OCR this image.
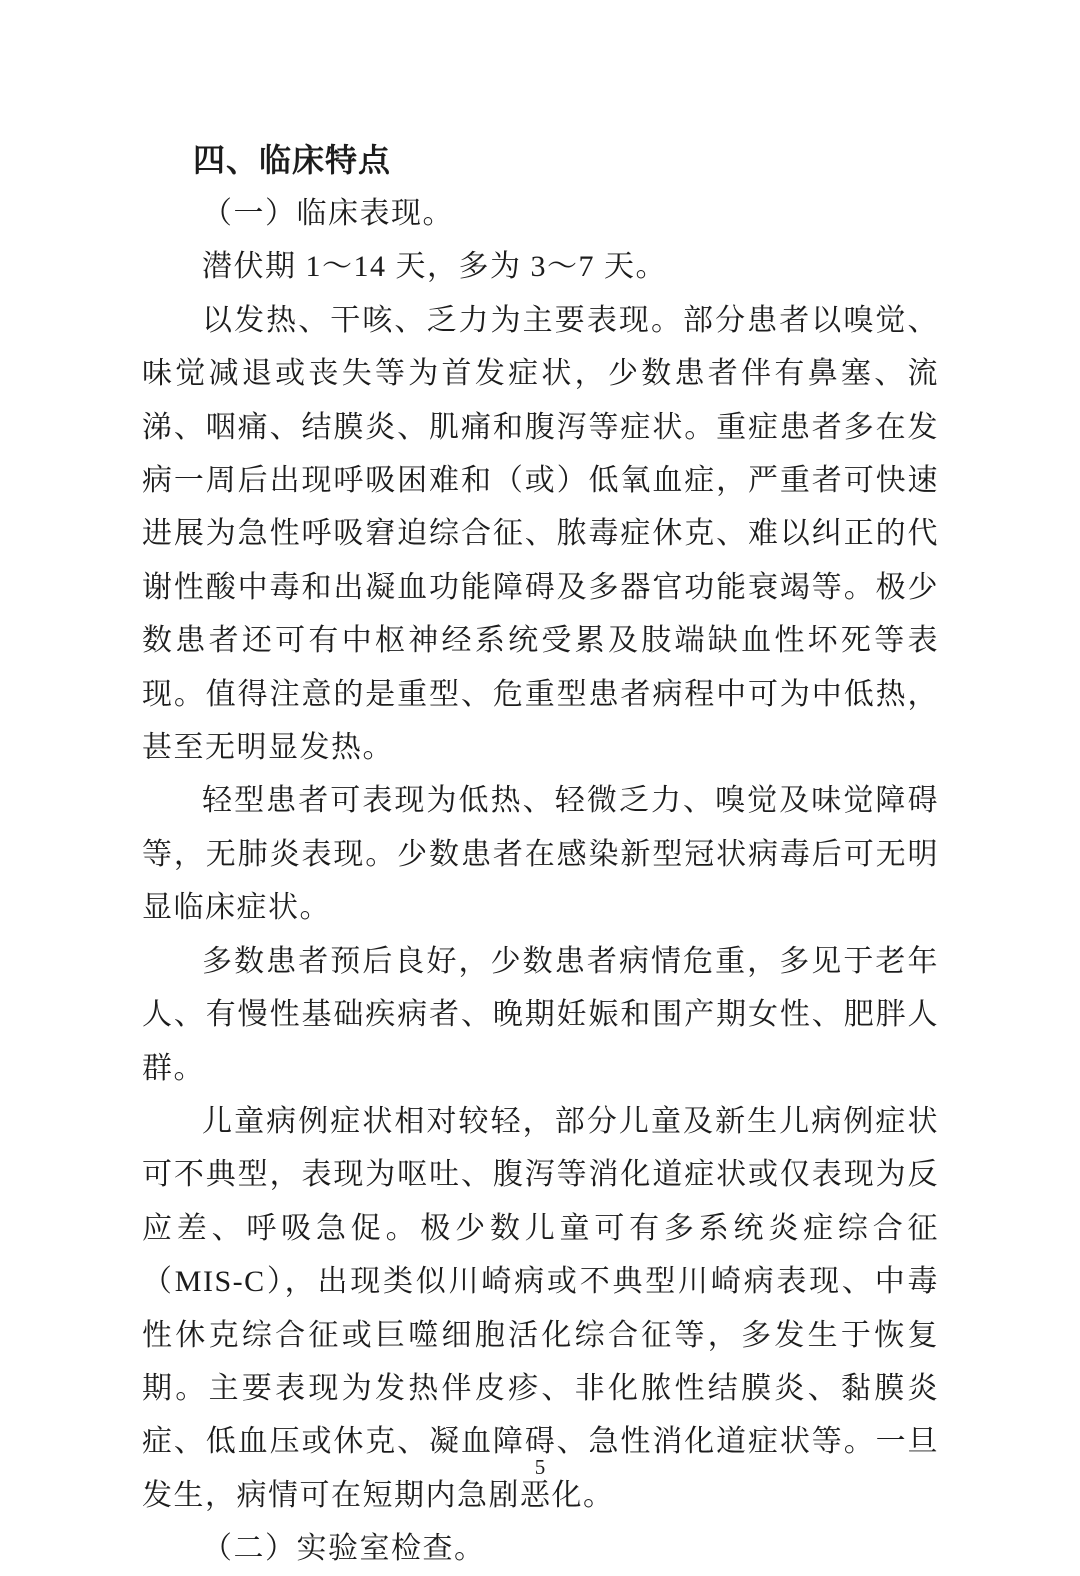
四、临床特点

（一）临床表现。

潜伏期 1～14 天，多为 3～7 天。

以发热、干咳、乏力为主要表现。部分患者以嗅觉、味觉减退或丧失等为首发症状，少数患者伴有鼻塞、流涕、咽痛、结膜炎、肌痛和腹泻等症状。重症患者多在发病一周后出现呼吸困难和（或）低氧血症，严重者可快速进展为急性呼吸窘迫综合征、脓毒症休克、难以纠正的代谢性酸中毒和出凝血功能障碍及多器官功能衰竭等。极少数患者还可有中枢神经系统受累及肢端缺血性坏死等表现。值得注意的是重型、危重型患者病程中可为中低热，甚至无明显发热。

轻型患者可表现为低热、轻微乏力、嗅觉及味觉障碍等，无肺炎表现。少数患者在感染新型冠状病毒后可无明显临床症状。

多数患者预后良好，少数患者病情危重，多见于老年人、有慢性基础疾病者、晚期妊娠和围产期女性、肥胖人群。

儿童病例症状相对较轻，部分儿童及新生儿病例症状可不典型，表现为呕吐、腹泻等消化道症状或仅表现为反应差、呼吸急促。极少数儿童可有多系统炎症综合征（MIS-C），出现类似川崎病或不典型川崎病表现、中毒性休克综合征或巨噬细胞活化综合征等，多发生于恢复期。主要表现为发热伴皮疹、非化脓性结膜炎、黏膜炎症、低血压或休克、凝血障碍、急性消化道症状等。一旦发生，病情可在短期内急剧恶化。

（二）实验室检查。

5
